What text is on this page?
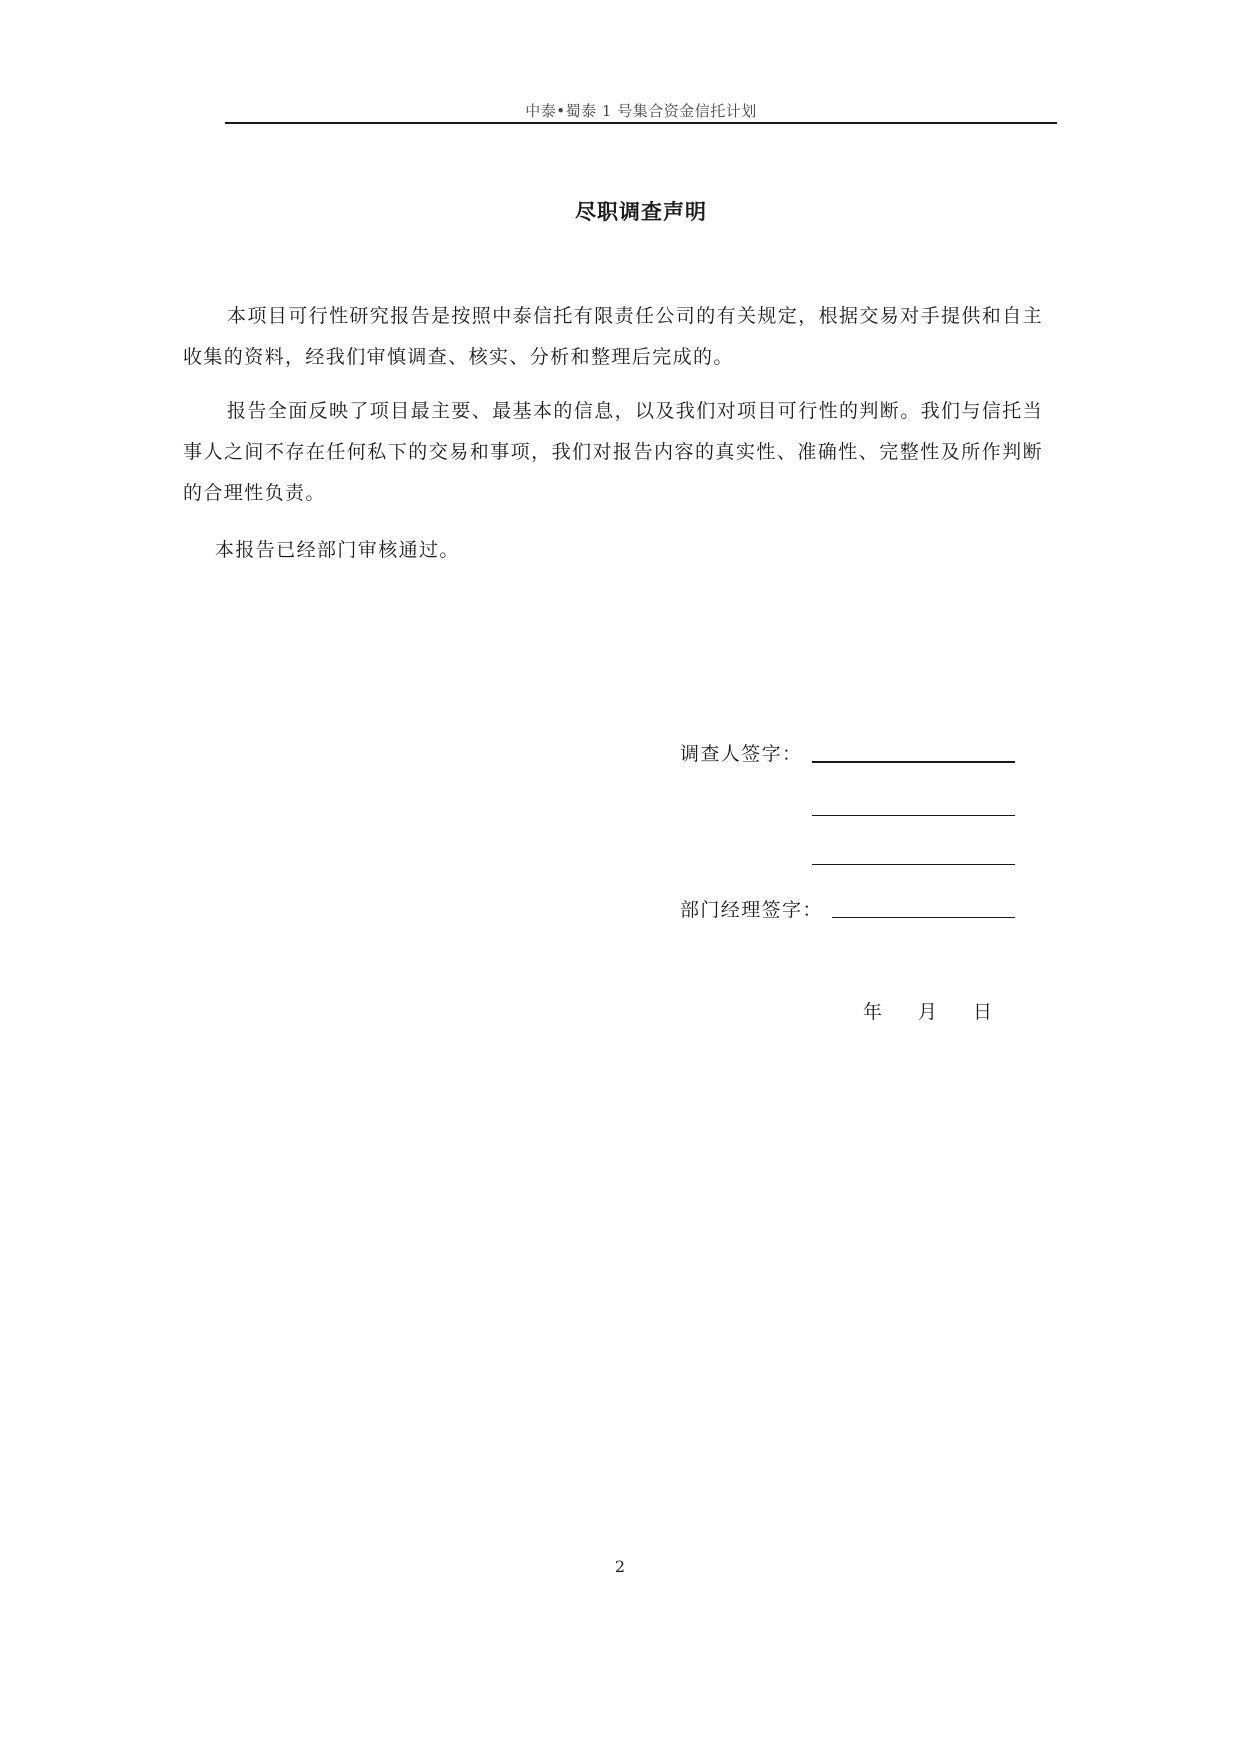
中泰•蜀泰 1 号集合资金信托计划
尽职调查声明
本项目可行性研究报告是按照中泰信托有限责任公司的有关规定，根据交易对手提供和自主收集的资料，经我们审慎调查、核实、分析和整理后完成的。
报告全面反映了项目最主要、最基本的信息，以及我们对项目可行性的判断。我们与信托当事人之间不存在任何私下的交易和事项，我们对报告内容的真实性、准确性、完整性及所作判断的合理性负责。
本报告已经部门审核通过。
调查人签字：
部门经理签字：
年 月 日
2
